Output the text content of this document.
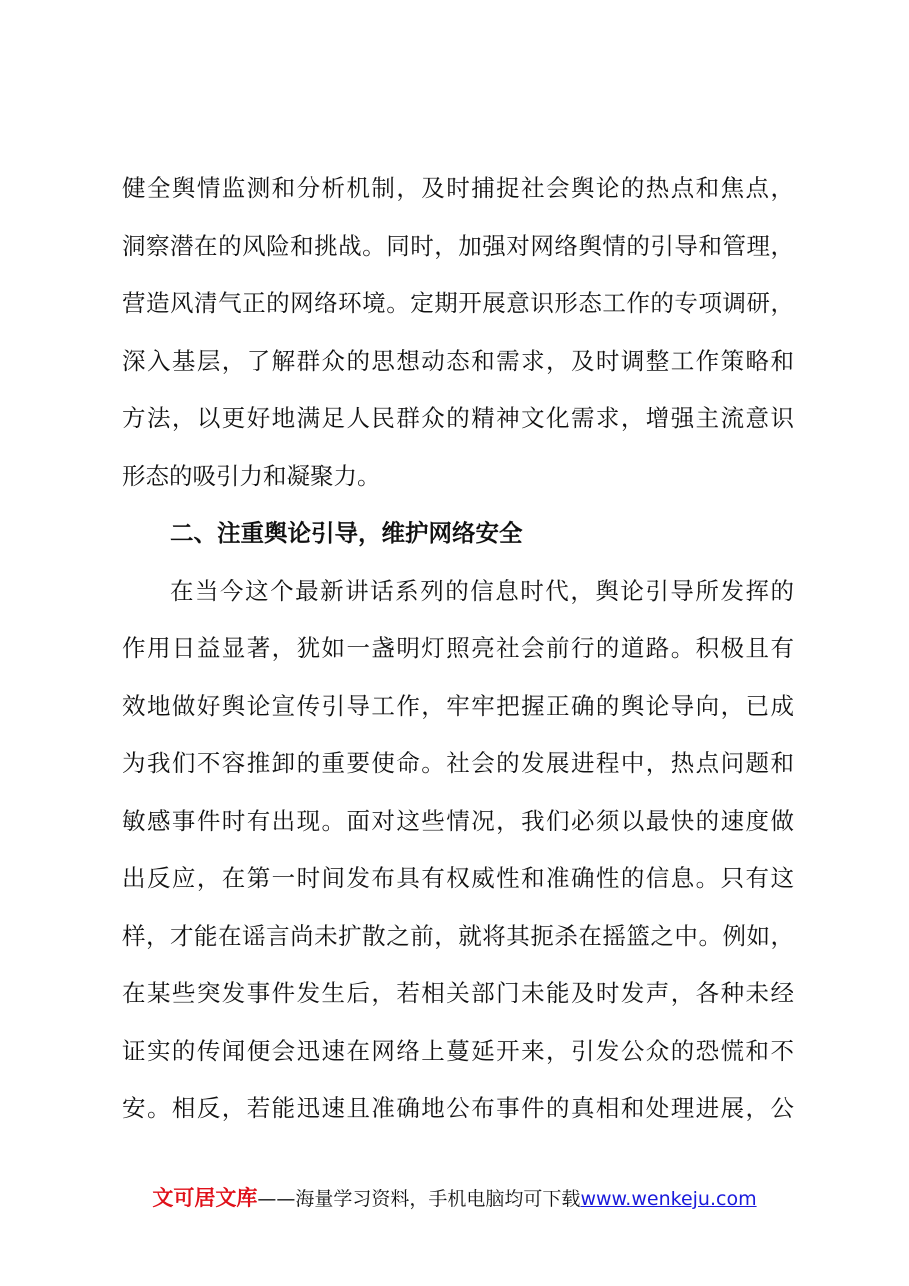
健全舆情监测和分析机制，及时捕捉社会舆论的热点和焦点，
洞察潜在的风险和挑战。同时，加强对网络舆情的引导和管理，
营造风清气正的网络环境。定期开展意识形态工作的专项调研，
深入基层，了解群众的思想动态和需求，及时调整工作策略和
方法，以更好地满足人民群众的精神文化需求，增强主流意识
形态的吸引力和凝聚力。
二、注重舆论引导，维护网络安全
在当今这个最新讲话系列的信息时代，舆论引导所发挥的
作用日益显著，犹如一盏明灯照亮社会前行的道路。积极且有
效地做好舆论宣传引导工作，牢牢把握正确的舆论导向，已成
为我们不容推卸的重要使命。社会的发展进程中，热点问题和
敏感事件时有出现。面对这些情况，我们必须以最快的速度做
出反应，在第一时间发布具有权威性和准确性的信息。只有这
样，才能在谣言尚未扩散之前，就将其扼杀在摇篮之中。例如，
在某些突发事件发生后，若相关部门未能及时发声，各种未经
证实的传闻便会迅速在网络上蔓延开来，引发公众的恐慌和不
安。相反，若能迅速且准确地公布事件的真相和处理进展，公
文可居文库——海量学习资料，手机电脑均可下载www.wenkeju.com
